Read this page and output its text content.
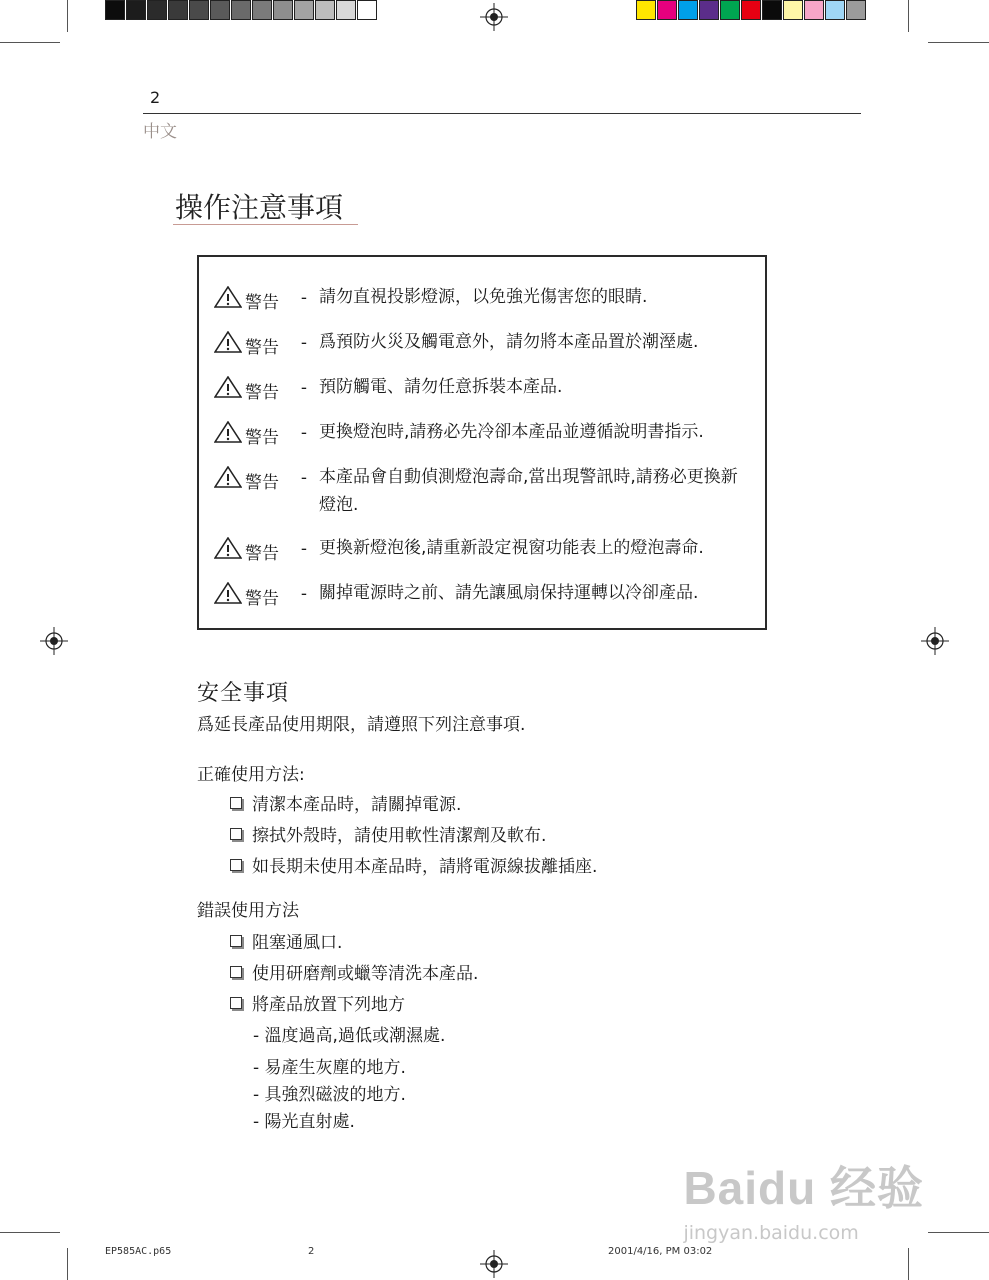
2
中文
操作注意事項
警告	- 請勿直視投影燈源，以免強光傷害您的眼睛.
警告	- 爲預防火災及觸電意外，請勿將本產品置於潮溼處.
警告	- 預防觸電、請勿任意拆裝本產品.
警告	- 更換燈泡時,請務必先冷卻本產品並遵循說明書指示.
警告	- 本產品會自動偵測燈泡壽命,當出現警訊時,請務必更換新燈泡.
警告	- 更換新燈泡後,請重新設定視窗功能表上的燈泡壽命.
警告	- 關掉電源時之前、請先讓風扇保持運轉以冷卻產品.
安全事項
爲延長產品使用期限，請遵照下列注意事項.
正確使用方法:
清潔本產品時，請關掉電源.
擦拭外殼時，請使用軟性清潔劑及軟布.
如長期未使用本產品時，請將電源線拔離插座.
錯誤使用方法
阻塞通風口.
使用研磨劑或蠟等清洗本產品.
將產品放置下列地方
- 溫度過高,過低或潮濕處.
- 易產生灰塵的地方.
- 具強烈磁波的地方.
- 陽光直射處.
Baidu 经验
jingyan.baidu.com
EP585AC.p65	2	2001/4/16, PM 03:02
